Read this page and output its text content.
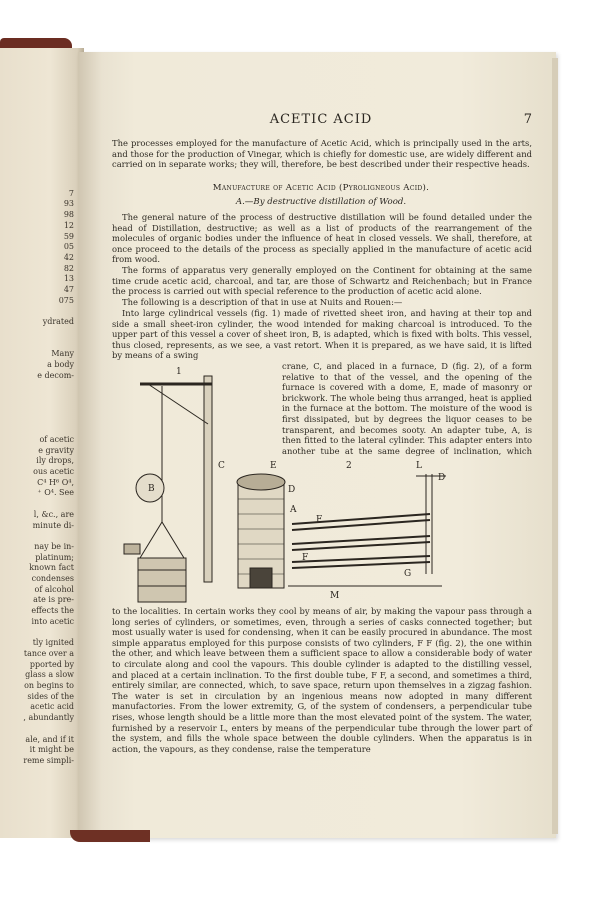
7
93
98
12
59
05
42
82
13
47
075

ydrated

Many
a body
e decom-

of acetic
e gravity
ily drops,
ous acetic
C⁴ H⁶ O⁴,
⁺ O⁴. See

l, &c., are
minute di-

nay be in-
platinum;
known fact
condenses
of alcohol
ate is pre-
effects the
into acetic

tly ignited
tance over a
pported by
glass a slow
on begins to
sides of the
acetic acid
, abundantly

ale, and if it
it might be
reme simpli-
ACETIC ACID	7
The processes employed for the manufacture of Acetic Acid, which is principally used in the arts, and those for the production of Vinegar, which is chiefly for domestic use, are widely different and carried on in separate works; they will, therefore, be best described under their respective heads.
Manufacture of Acetic Acid (Pyroligneous Acid).
A.—By destructive distillation of Wood.
The general nature of the process of destructive distillation will be found detailed under the head of Distillation, destructive; as well as a list of products of the rearrangement of the molecules of organic bodies under the influence of heat in closed vessels. We shall, therefore, at once proceed to the details of the process as specially applied in the manufacture of acetic acid from wood.
The forms of apparatus very generally employed on the Continent for obtaining at the same time crude acetic acid, charcoal, and tar, are those of Schwartz and Reichenbach; but in France the process is carried out with special reference to the production of acetic acid alone.
The following is a description of that in use at Nuits and Rouen:—
Into large cylindrical vessels (fig. 1) made of rivetted sheet iron, and having at their top and side a small sheet-iron cylinder, the wood intended for making charcoal is introduced. To the upper part of this vessel a cover of sheet iron, B, is adapted, which is fixed with bolts. This vessel, thus closed, represents, as we see, a vast retort. When it is prepared, as we have said, it is lifted by means of a swing
crane, C, and placed in a furnace, D (fig. 2), of a form relative to that of the vessel, and the opening of the furnace is covered with a dome, E, made of masonry or brickwork. The whole being thus arranged, heat is applied in the furnace at the bottom. The moisture of the wood is first dissipated, but by degrees the liquor ceases to be transparent, and becomes sooty. An adapter tube, A, is then fitted to the lateral cylinder. This adapter enters into another tube at the same degree of inclination, which
1
2
B
C	E
D
A
F
L
D
G
M
F
to the localities. In certain works they cool by means of air, by making the vapour pass through a long series of cylinders, or sometimes, even, through a series of casks connected together; but most usually water is used for condensing, when it can be easily procured in abundance. The most simple apparatus employed for this purpose consists of two cylinders, F F (fig. 2), the one within the other, and which leave between them a sufficient space to allow a considerable body of water to circulate along and cool the vapours. This double cylinder is adapted to the distilling vessel, and placed at a certain inclination. To the first double tube, F F, a second, and sometimes a third, entirely similar, are connected, which, to save space, return upon themselves in a zigzag fashion. The water is set in circulation by an ingenious means now adopted in many different manufactories. From the lower extremity, G, of the system of condensers, a perpendicular tube rises, whose length should be a little more than the most elevated point of the system. The water, furnished by a reservoir L, enters by means of the perpendicular tube through the lower part of the system, and fills the whole space between the double cylinders. When the apparatus is in action, the vapours, as they condense, raise the temperature
